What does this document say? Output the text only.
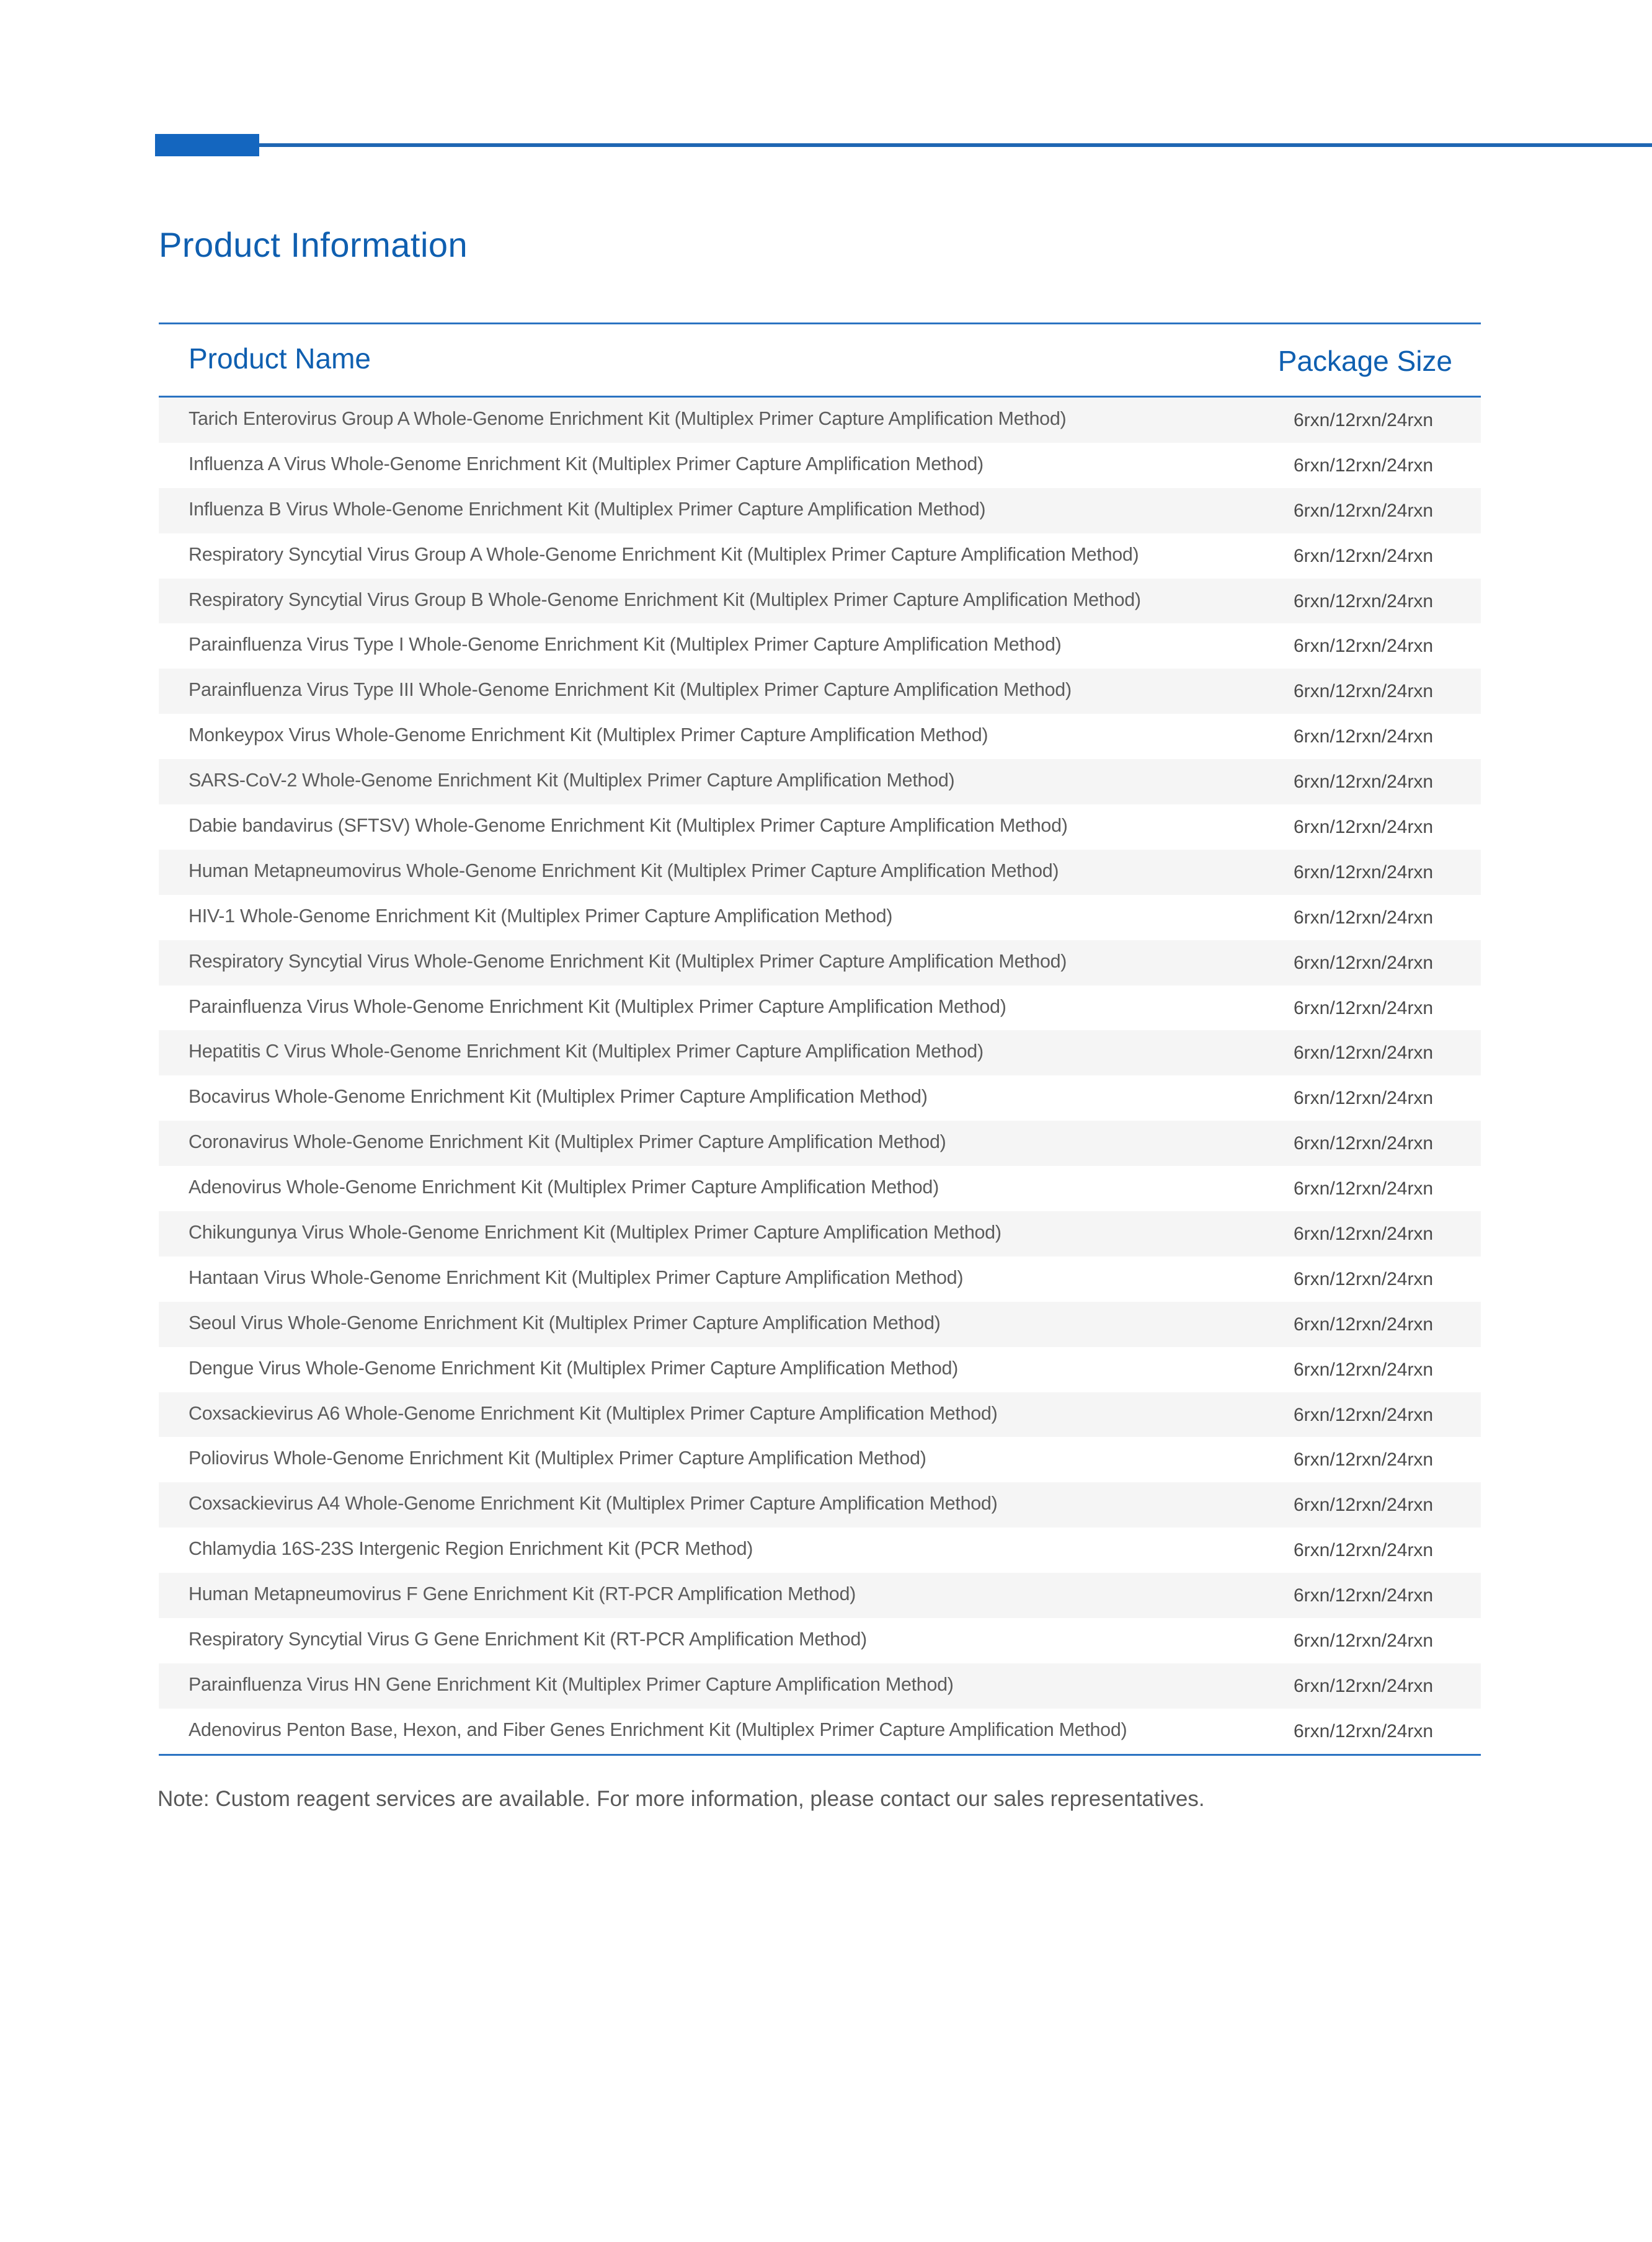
Product Information
Product Name	Package Size
Tarich Enterovirus Group A Whole-Genome Enrichment Kit (Multiplex Primer Capture Amplification Method)	6rxn/12rxn/24rxn
Influenza A Virus Whole-Genome Enrichment Kit (Multiplex Primer Capture Amplification Method)	6rxn/12rxn/24rxn
Influenza B Virus Whole-Genome Enrichment Kit (Multiplex Primer Capture Amplification Method)	6rxn/12rxn/24rxn
Respiratory Syncytial Virus Group A Whole-Genome Enrichment Kit (Multiplex Primer Capture Amplification Method)	6rxn/12rxn/24rxn
Respiratory Syncytial Virus Group B Whole-Genome Enrichment Kit (Multiplex Primer Capture Amplification Method)	6rxn/12rxn/24rxn
Parainfluenza Virus Type I Whole-Genome Enrichment Kit (Multiplex Primer Capture Amplification Method)	6rxn/12rxn/24rxn
Parainfluenza Virus Type III Whole-Genome Enrichment Kit (Multiplex Primer Capture Amplification Method)	6rxn/12rxn/24rxn
Monkeypox Virus Whole-Genome Enrichment Kit (Multiplex Primer Capture Amplification Method)	6rxn/12rxn/24rxn
SARS-CoV-2 Whole-Genome Enrichment Kit (Multiplex Primer Capture Amplification Method)	6rxn/12rxn/24rxn
Dabie bandavirus (SFTSV) Whole-Genome Enrichment Kit (Multiplex Primer Capture Amplification Method)	6rxn/12rxn/24rxn
Human Metapneumovirus Whole-Genome Enrichment Kit (Multiplex Primer Capture Amplification Method)	6rxn/12rxn/24rxn
HIV-1 Whole-Genome Enrichment Kit (Multiplex Primer Capture Amplification Method)	6rxn/12rxn/24rxn
Respiratory Syncytial Virus Whole-Genome Enrichment Kit (Multiplex Primer Capture Amplification Method)	6rxn/12rxn/24rxn
Parainfluenza Virus Whole-Genome Enrichment Kit (Multiplex Primer Capture Amplification Method)	6rxn/12rxn/24rxn
Hepatitis C Virus Whole-Genome Enrichment Kit (Multiplex Primer Capture Amplification Method)	6rxn/12rxn/24rxn
Bocavirus Whole-Genome Enrichment Kit (Multiplex Primer Capture Amplification Method)	6rxn/12rxn/24rxn
Coronavirus Whole-Genome Enrichment Kit (Multiplex Primer Capture Amplification Method)	6rxn/12rxn/24rxn
Adenovirus Whole-Genome Enrichment Kit (Multiplex Primer Capture Amplification Method)	6rxn/12rxn/24rxn
Chikungunya Virus Whole-Genome Enrichment Kit (Multiplex Primer Capture Amplification Method)	6rxn/12rxn/24rxn
Hantaan Virus Whole-Genome Enrichment Kit (Multiplex Primer Capture Amplification Method)	6rxn/12rxn/24rxn
Seoul Virus Whole-Genome Enrichment Kit (Multiplex Primer Capture Amplification Method)	6rxn/12rxn/24rxn
Dengue Virus Whole-Genome Enrichment Kit (Multiplex Primer Capture Amplification Method)	6rxn/12rxn/24rxn
Coxsackievirus A6 Whole-Genome Enrichment Kit (Multiplex Primer Capture Amplification Method)	6rxn/12rxn/24rxn
Poliovirus Whole-Genome Enrichment Kit (Multiplex Primer Capture Amplification Method)	6rxn/12rxn/24rxn
Coxsackievirus A4 Whole-Genome Enrichment Kit (Multiplex Primer Capture Amplification Method)	6rxn/12rxn/24rxn
Chlamydia 16S-23S Intergenic Region Enrichment Kit (PCR Method)	6rxn/12rxn/24rxn
Human Metapneumovirus F Gene Enrichment Kit (RT-PCR Amplification Method)	6rxn/12rxn/24rxn
Respiratory Syncytial Virus G Gene Enrichment Kit (RT-PCR Amplification Method)	6rxn/12rxn/24rxn
Parainfluenza Virus HN Gene Enrichment Kit (Multiplex Primer Capture Amplification Method)	6rxn/12rxn/24rxn
Adenovirus Penton Base, Hexon, and Fiber Genes Enrichment Kit (Multiplex Primer Capture Amplification Method)	6rxn/12rxn/24rxn
Note: Custom reagent services are available. For more information, please contact our sales representatives.
